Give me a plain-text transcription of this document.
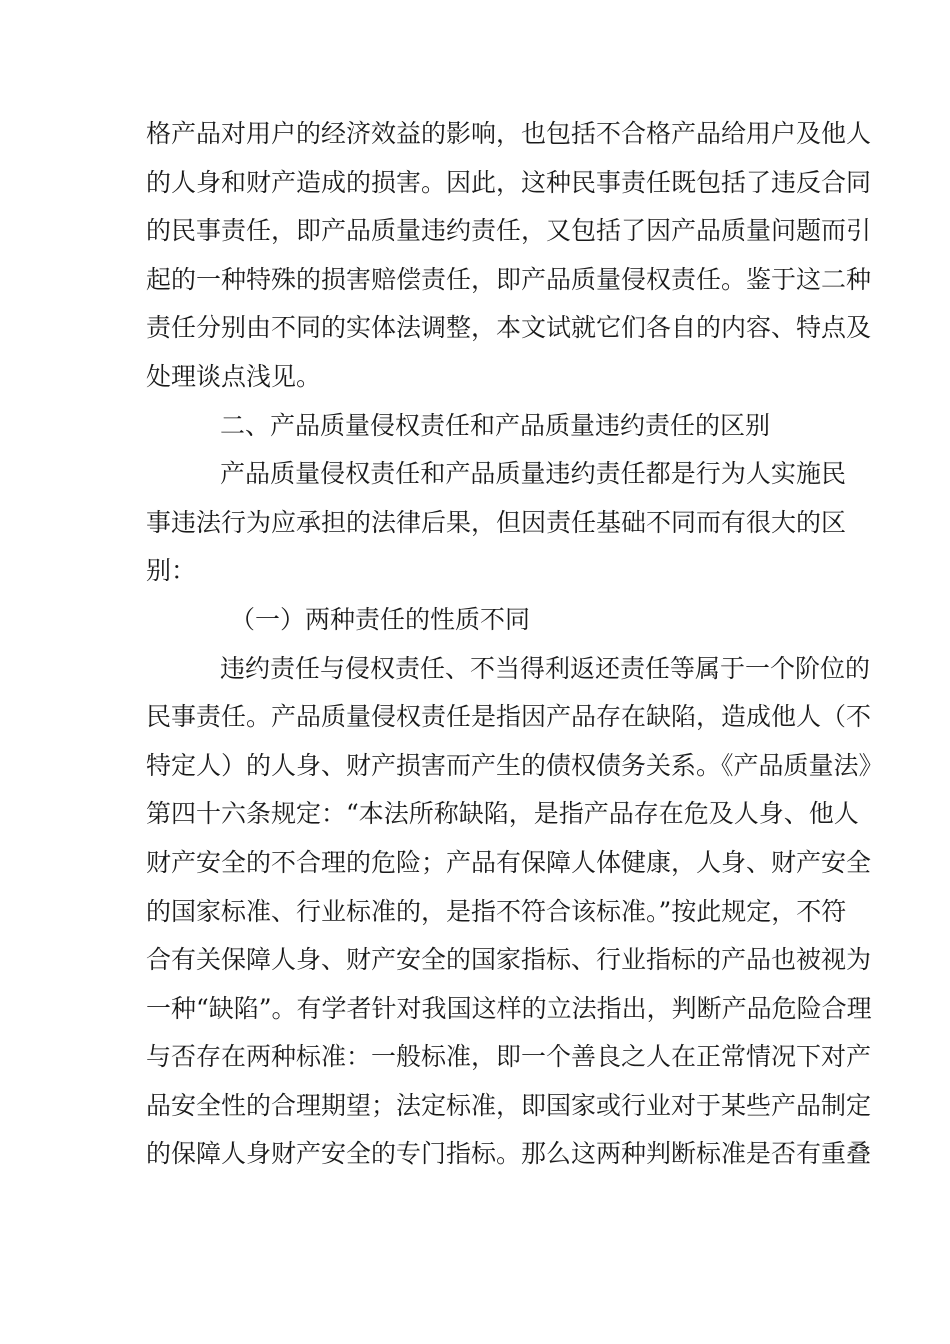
格产品对用户的经济效益的影响，也包括不合格产品给用户及他人
的人身和财产造成的损害。因此，这种民事责任既包括了违反合同
的民事责任，即产品质量违约责任，又包括了因产品质量问题而引
起的一种特殊的损害赔偿责任，即产品质量侵权责任。鉴于这二种
责任分别由不同的实体法调整，本文试就它们各自的内容、特点及
处理谈点浅见。
二、产品质量侵权责任和产品质量违约责任的区别
产品质量侵权责任和产品质量违约责任都是行为人实施民
事违法行为应承担的法律后果，但因责任基础不同而有很大的区
别：
（一）两种责任的性质不同
违约责任与侵权责任、不当得利返还责任等属于一个阶位的
民事责任。产品质量侵权责任是指因产品存在缺陷，造成他人（不
特定人）的人身、财产损害而产生的债权债务关系。《产品质量法》
第四十六条规定：“本法所称缺陷，是指产品存在危及人身、他人
财产安全的不合理的危险；产品有保障人体健康，人身、财产安全
的国家标准、行业标准的，是指不符合该标准。”按此规定，不符
合有关保障人身、财产安全的国家指标、行业指标的产品也被视为
一种“缺陷”。有学者针对我国这样的立法指出，判断产品危险合理
与否存在两种标准：一般标准，即一个善良之人在正常情况下对产
品安全性的合理期望；法定标准，即国家或行业对于某些产品制定
的保障人身财产安全的专门指标。那么这两种判断标准是否有重叠
